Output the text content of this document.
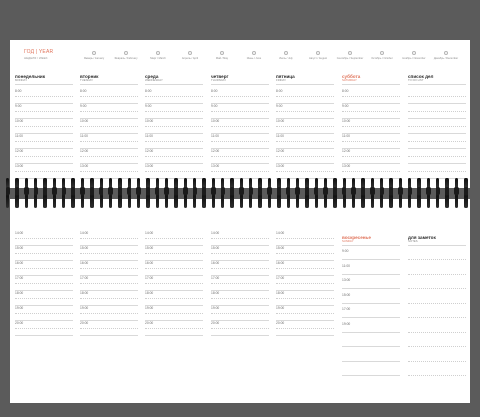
ГОД | YEAR
НЕДЕЛЯ / WEEK	Январь / January	Февраль / February	Март / March	Апрель / April	Май / May	Июнь / June	Июль / July	Август / August	Сентябрь / September	Октябрь / October	Ноябрь / November	Декабрь / December
понедельник
MONDAY
8:00
9:00
10:00
11:00
12:00
13:00
вторник
TUESDAY
8:00
9:00
10:00
11:00
12:00
13:00
среда
WEDNESDAY
8:00
9:00
10:00
11:00
12:00
13:00
четверг
THURSDAY
8:00
9:00
10:00
11:00
12:00
13:00
пятница
FRIDAY
8:00
9:00
10:00
11:00
12:00
13:00
суббота
SATURDAY
8:00
9:00
10:00
11:00
12:00
13:00
список дел
TO DO LIST
14:00
15:00
16:00
17:00
18:00
19:00
20:00
14:00
15:00
16:00
17:00
18:00
19:00
20:00
14:00
15:00
16:00
17:00
18:00
19:00
20:00
14:00
15:00
16:00
17:00
18:00
19:00
20:00
14:00
15:00
16:00
17:00
18:00
19:00
20:00
воскресенье
SUNDAY
9:00
11:00
13:00
15:00
17:00
19:00
для заметок
NOTES
